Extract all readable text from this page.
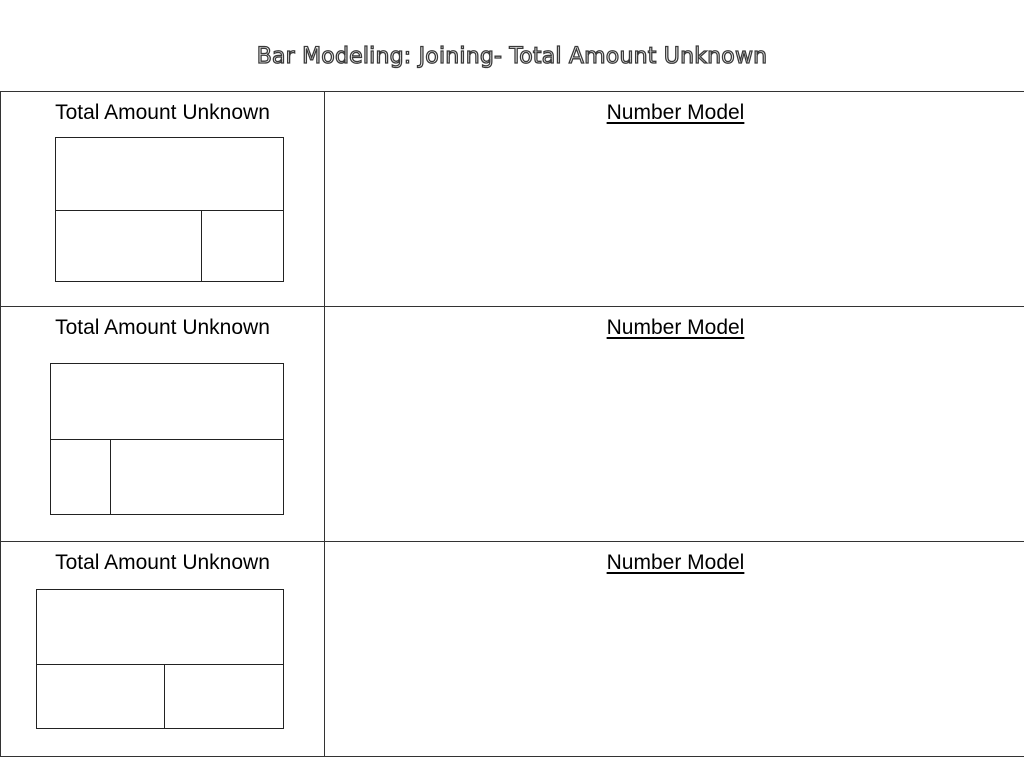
Bar Modeling: Joining- Total Amount Unknown
Total Amount Unknown	Number Model

Total Amount Unknown	Number Model

Total Amount Unknown	Number Model
